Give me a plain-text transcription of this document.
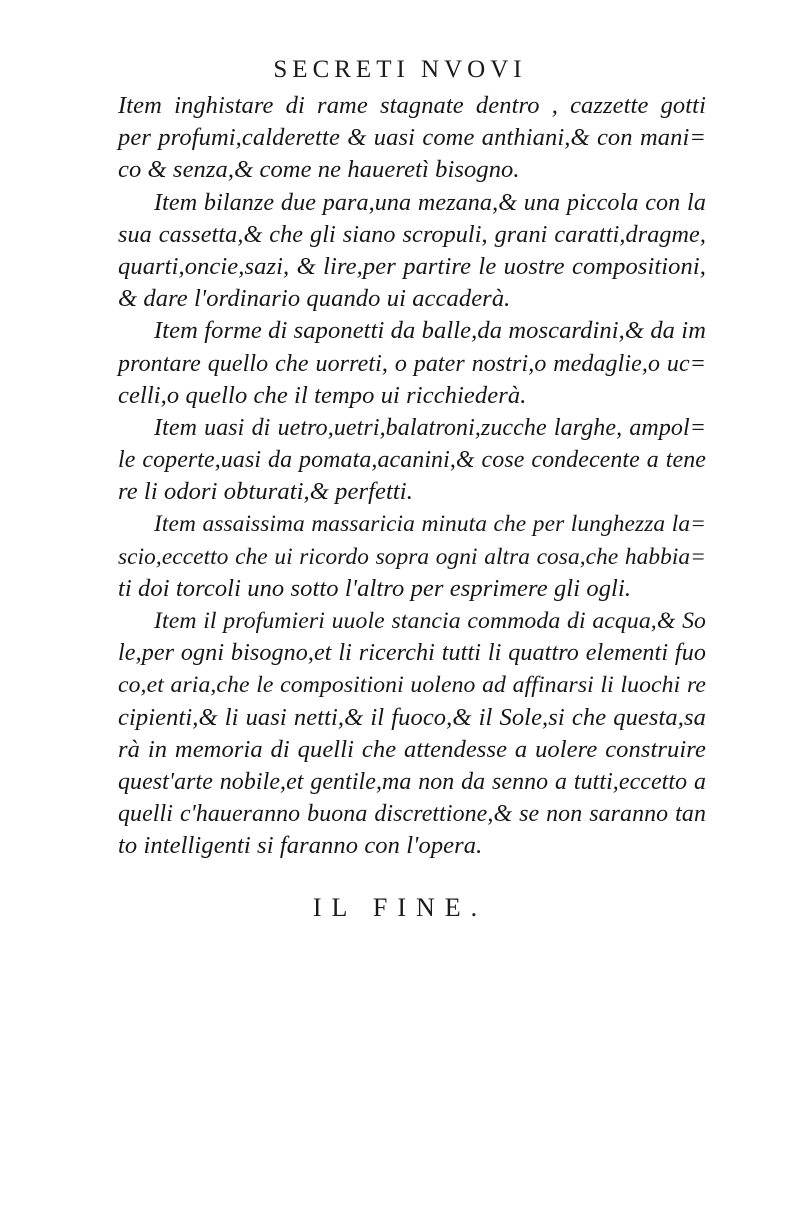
SECRETI NVOVI
Item inghistare di rame stagnate dentro , cazzette gotti
per profumi,calderette & uasi come anthiani,& con mani=
co & senza,& come ne haueretì bisogno.
Item bilanze due para,una mezana,& una piccola con la
sua cassetta,& che gli siano scropuli, grani caratti,dragme,
quarti,oncie,sazi, & lire,per partire le uostre compositioni,
& dare l'ordinario quando ui accaderà.
Item forme di saponetti da balle,da moscardini,& da im
prontare quello che uorreti, o pater nostri,o medaglie,o uc=
celli,o quello che il tempo ui ricchiederà.
Item uasi di uetro,uetri,balatroni,zucche larghe, ampol=
le coperte,uasi da pomata,acanini,& cose condecente a tene
re li odori obturati,& perfetti.
Item assaissima massaricia minuta che per lunghezza la=
scio,eccetto che ui ricordo sopra ogni altra cosa,che habbia=
ti doi torcoli uno sotto l'altro per esprimere gli ogli.
Item il profumieri uuole stancia commoda di acqua,& So
le,per ogni bisogno,et li ricerchi tutti li quattro elementi fuo
co,et aria,che le compositioni uoleno ad affinarsi li luochi re
cipienti,& li uasi netti,& il fuoco,& il Sole,si che questa,sa
rà in memoria di quelli che attendesse a uolere construire
quest'arte nobile,et gentile,ma non da senno a tutti,eccetto a
quelli c'haueranno buona discrettione,& se non saranno tan
to intelligenti si faranno con l'opera.
IL FINE.
